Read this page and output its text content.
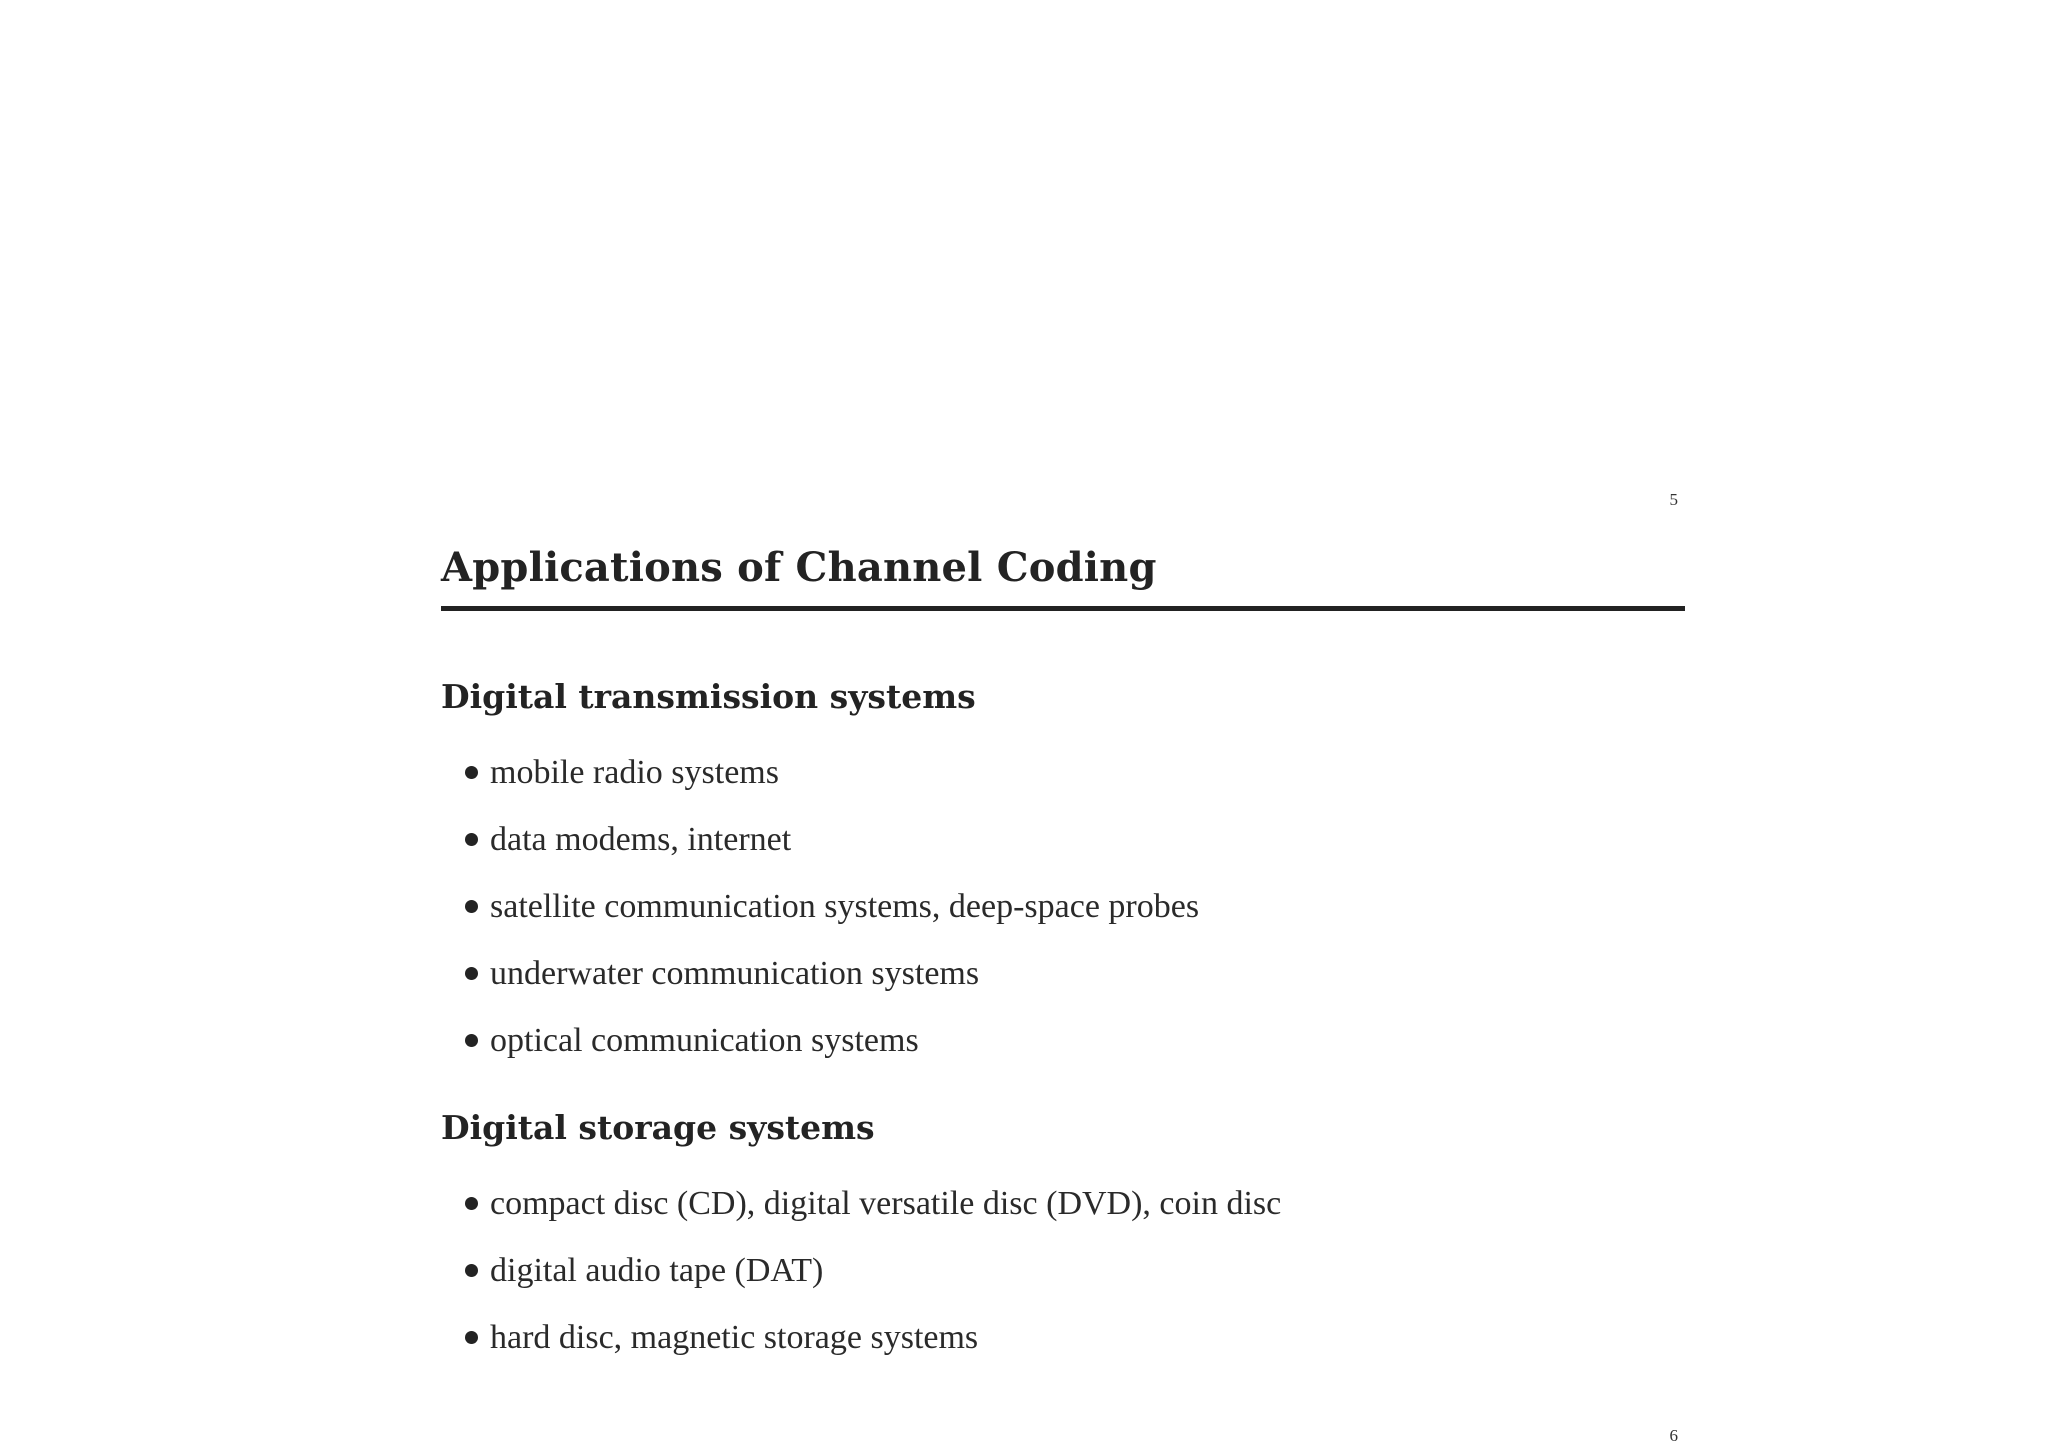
5
Applications of Channel Coding
Digital transmission systems
mobile radio systems
data modems, internet
satellite communication systems, deep-space probes
underwater communication systems
optical communication systems
Digital storage systems
compact disc (CD), digital versatile disc (DVD), coin disc
digital audio tape (DAT)
hard disc, magnetic storage systems
6
